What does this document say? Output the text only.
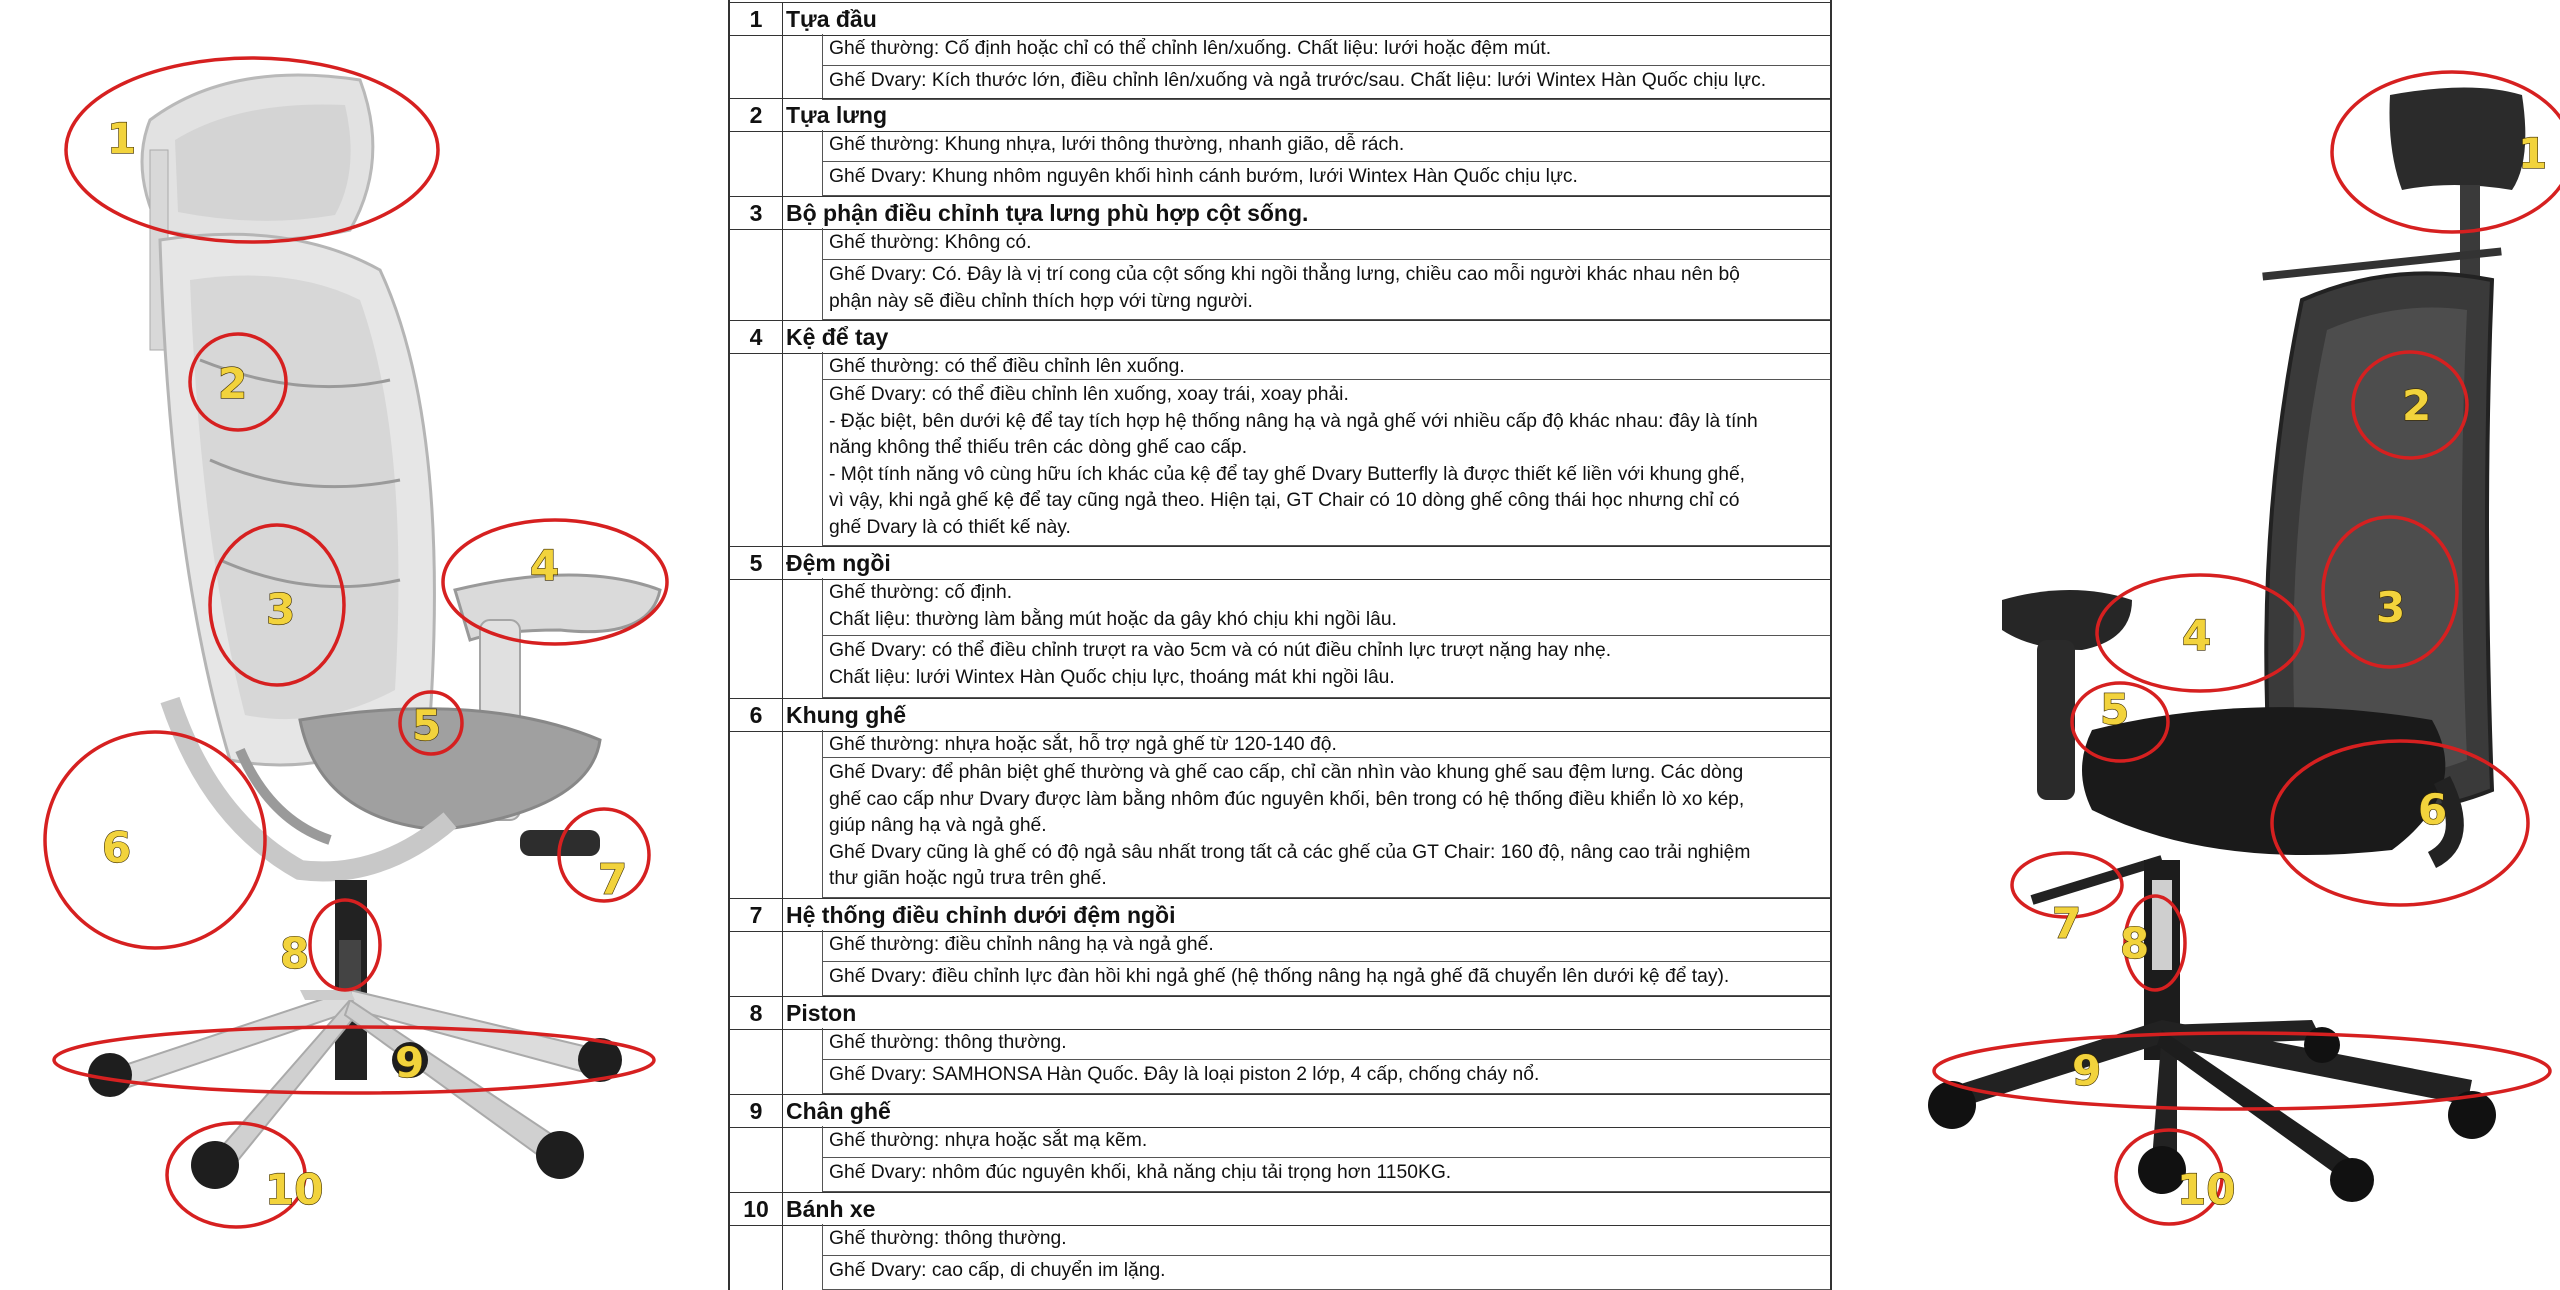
1
2
3
4
5
6
7
8
9
10
1	Tựa đầu
Ghế thường: Cố định hoặc chỉ có thể chỉnh lên/xuống. Chất liệu: lưới hoặc đệm mút.
Ghế Dvary: Kích thước lớn, điều chỉnh lên/xuống và ngả trước/sau. Chất liệu: lưới Wintex Hàn Quốc chịu lực.
2	Tựa lưng
Ghế thường: Khung nhựa, lưới thông thường, nhanh gião, dễ rách.
Ghế Dvary: Khung nhôm nguyên khối hình cánh bướm, lưới Wintex Hàn Quốc chịu lực.
3	Bộ phận điều chỉnh tựa lưng phù hợp cột sống.
Ghế thường: Không có.
Ghế Dvary: Có. Đây là vị trí cong của cột sống khi ngồi thẳng lưng, chiều cao mỗi người khác nhau nên bộ
phận này sẽ điều chỉnh thích hợp với từng người.
4	Kệ để tay
Ghế thường: có thể điều chỉnh lên xuống.
Ghế Dvary: có thể điều chỉnh lên xuống, xoay trái, xoay phải.
- Đặc biệt, bên dưới kệ để tay tích hợp hệ thống nâng hạ và ngả ghế với nhiều cấp độ khác nhau: đây là tính
năng không thể thiếu trên các dòng ghế cao cấp.
- Một tính năng vô cùng hữu ích khác của kệ để tay ghế Dvary Butterfly là được thiết kế liền với khung ghế,
vì vậy, khi ngả ghế kệ để tay cũng ngả theo. Hiện tại, GT Chair có 10 dòng ghế công thái học nhưng chỉ có
ghế Dvary là có thiết kế này.
5	Đệm ngồi
Ghế thường: cố định.
Chất liệu: thường làm bằng mút hoặc da gây khó chịu khi ngồi lâu.
Ghế Dvary: có thể điều chỉnh trượt ra vào 5cm và có nút điều chỉnh lực trượt nặng hay nhẹ.
Chất liệu: lưới Wintex Hàn Quốc chịu lực, thoáng mát khi ngồi lâu.
6	Khung ghế
Ghế thường: nhựa hoặc sắt, hỗ trợ ngả ghế từ 120-140 độ.
Ghế Dvary: để phân biệt ghế thường và ghế cao cấp, chỉ cần nhìn vào khung ghế sau đệm lưng. Các dòng
ghế cao cấp như Dvary được làm bằng nhôm đúc nguyên khối, bên trong có hệ thống điều khiển lò xo kép,
giúp nâng hạ và ngả ghế.
Ghế Dvary cũng là ghế có độ ngả sâu nhất trong tất cả các ghế của GT Chair: 160 độ, nâng cao trải nghiệm
thư giãn hoặc ngủ trưa trên ghế.
7	Hệ thống điều chỉnh dưới đệm ngồi
Ghế thường: điều chỉnh nâng hạ và ngả ghế.
Ghế Dvary: điều chỉnh lực đàn hồi khi ngả ghế (hệ thống nâng hạ ngả ghế đã chuyển lên dưới kệ để tay).
8	Piston
Ghế thường: thông thường.
Ghế Dvary: SAMHONSA Hàn Quốc. Đây là loại piston 2 lớp, 4 cấp, chống cháy nổ.
9	Chân ghế
Ghế thường: nhựa hoặc sắt mạ kẽm.
Ghế Dvary: nhôm đúc nguyên khối, khả năng chịu tải trọng hơn 1150KG.
10 Bánh xe
Ghế thường: thông thường.
Ghế Dvary: cao cấp, di chuyển im lặng.
1
2
3
4
5
6
7 8
9
10
